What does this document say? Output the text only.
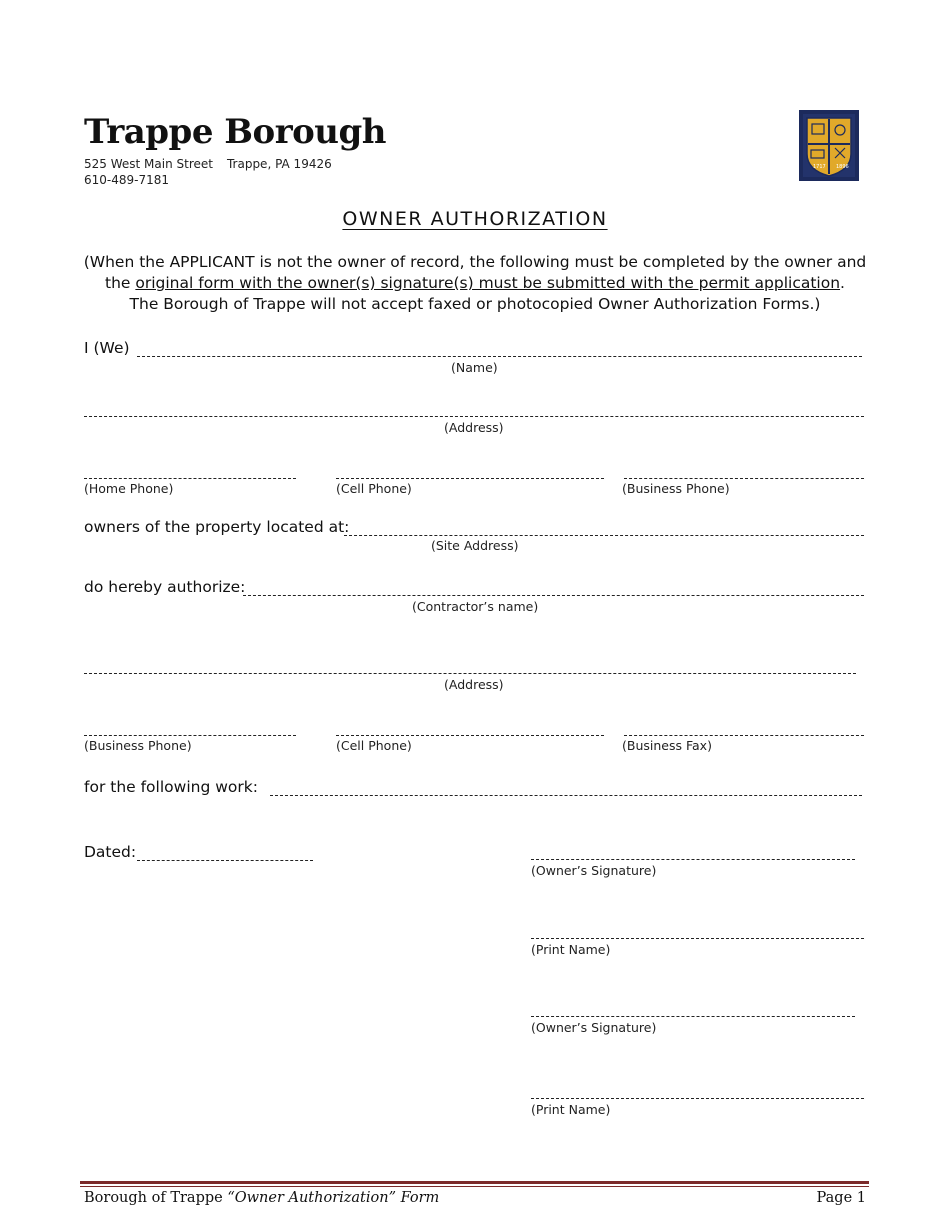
Trappe Borough
525 West Main Street Trappe, PA 19426
610-489-7181
1717 1896
OWNER AUTHORIZATION
(When the APPLICANT is not the owner of record, the following must be completed by the owner and
the original form with the owner(s) signature(s) must be submitted with the permit application.
The Borough of Trappe will not accept faxed or photocopied Owner Authorization Forms.)
I (We)
(Name)
(Address)
(Home Phone)	(Cell Phone)	(Business Phone)
owners of the property located at:
(Site Address)
do hereby authorize:
(Contractor’s name)
(Address)
(Business Phone)	(Cell Phone)	(Business Fax)
for the following work:
Dated:
(Owner’s Signature)
(Print Name)
(Owner’s Signature)
(Print Name)
Borough of Trappe “Owner Authorization” Form	Page 1
